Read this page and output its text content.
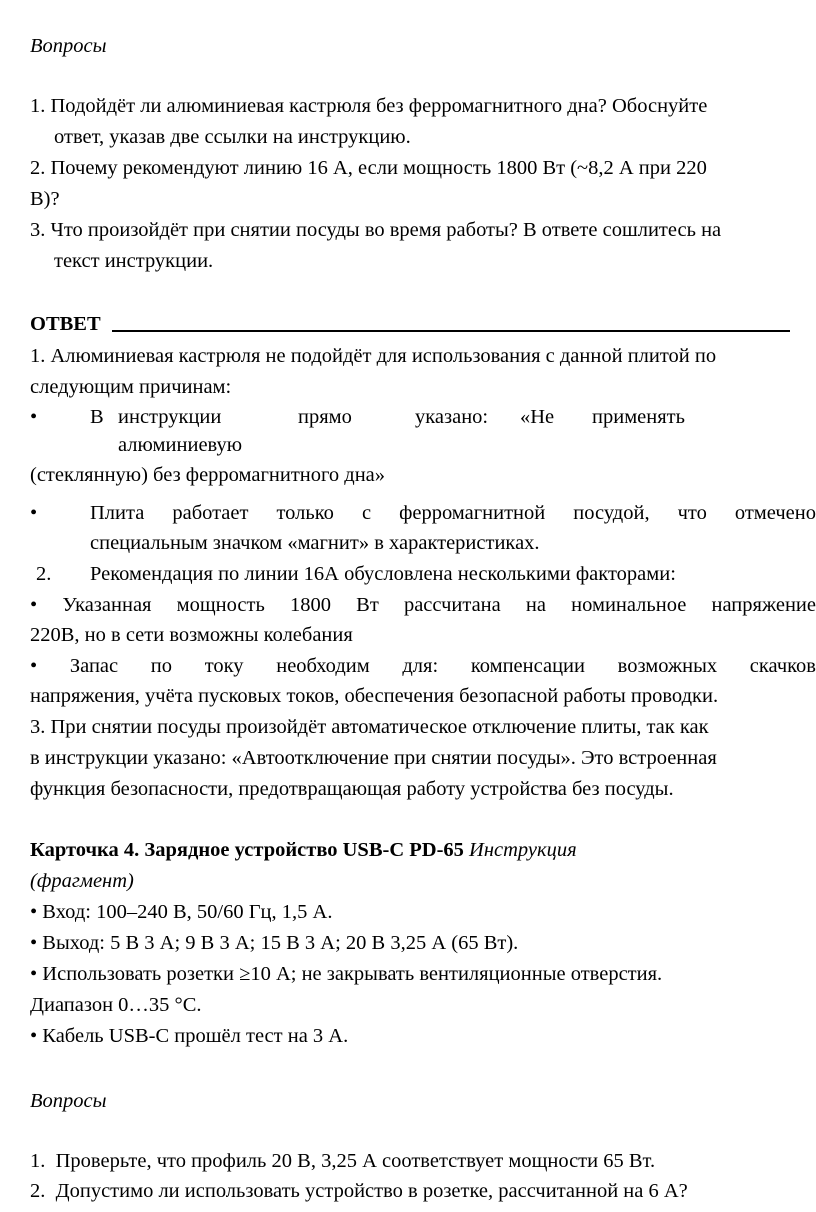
Вопросы
1. Подойдёт ли алюминиевая кастрюля без ферромагнитного дна? Обоснуйте
ответ, указав две ссылки на инструкцию.
2. Почему рекомендуют линию 16 А, если мощность 1800 Вт (~8,2 А при 220
В)?
3. Что произойдёт при снятии посуды во время работы? В ответе сошлитесь на
текст инструкции.
ОТВЕТ
1. Алюминиевая кастрюля не подойдёт для использования с данной плитой по
следующим причинам:
•	В инструкции	прямо	указано: «Не применять
алюминиевую
(стеклянную) без ферромагнитного дна»
•	Плита работает только с ферромагнитной посудой, что отмечено
специальным значком «магнит» в характеристиках.
2. Рекомендация по линии 16А обусловлена несколькими факторами:
• Указанная мощность 1800 Вт рассчитана на номинальное напряжение
220В, но в сети возможны колебания
• Запас по току необходим для: компенсации возможных скачков
напряжения, учёта пусковых токов, обеспечения безопасной работы проводки.
3. При снятии посуды произойдёт автоматическое отключение плиты, так как
в инструкции указано: «Автоотключение при снятии посуды». Это встроенная
функция безопасности, предотвращающая работу устройства без посуды.
Карточка 4. Зарядное устройство USB-C PD-65 Инструкция
(фрагмент)
• Вход: 100–240 В, 50/60 Гц, 1,5 А.
• Выход: 5 В 3 А; 9 В 3 А; 15 В 3 А; 20 В 3,25 А (65 Вт).
• Использовать розетки ≥10 А; не закрывать вентиляционные отверстия.
Диапазон 0…35 °С.
• Кабель USB-C прошёл тест на 3 А.
Вопросы
1. Проверьте, что профиль 20 В, 3,25 А соответствует мощности 65 Вт.
2. Допустимо ли использовать устройство в розетке, рассчитанной на 6 А?
